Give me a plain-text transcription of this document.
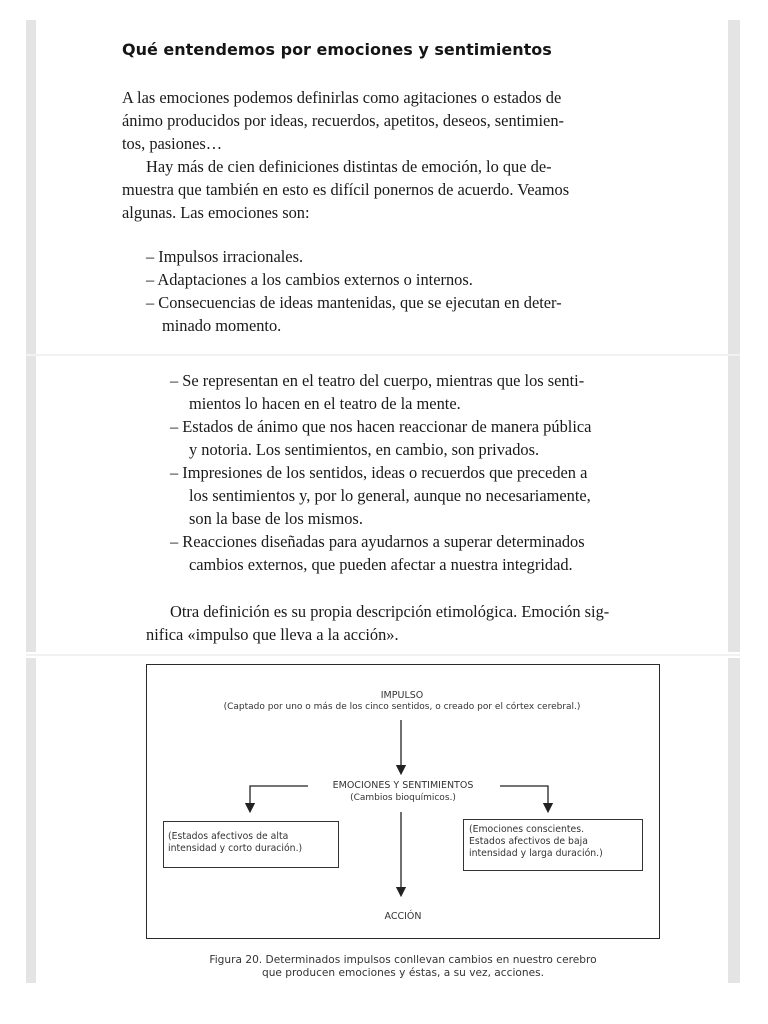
Qué entendemos por emociones y sentimientos
A las emociones podemos definirlas como agitaciones o estados de
ánimo producidos por ideas, recuerdos, apetitos, deseos, sentimien-
tos, pasiones…
Hay más de cien definiciones distintas de emoción, lo que de-
muestra que también en esto es difícil ponernos de acuerdo. Veamos
algunas. Las emociones son:
– Impulsos irracionales.
– Adaptaciones a los cambios externos o internos.
– Consecuencias de ideas mantenidas, que se ejecutan en deter-
minado momento.
– Se representan en el teatro del cuerpo, mientras que los senti-
mientos lo hacen en el teatro de la mente.
– Estados de ánimo que nos hacen reaccionar de manera pública
y notoria. Los sentimientos, en cambio, son privados.
– Impresiones de los sentidos, ideas o recuerdos que preceden a
los sentimientos y, por lo general, aunque no necesariamente,
son la base de los mismos.
– Reacciones diseñadas para ayudarnos a superar determinados
cambios externos, que pueden afectar a nuestra integridad.
Otra definición es su propia descripción etimológica. Emoción sig-
nifica «impulso que lleva a la acción».
IMPULSO
(Captado por uno o más de los cinco sentidos, o creado por el córtex cerebral.)
EMOCIONES Y SENTIMIENTOS
(Cambios bioquímicos.)
(Estados afectivos de alta
intensidad y corto duración.)
(Emociones conscientes.
Estados afectivos de baja
intensidad y larga duración.)
ACCIÓN
Figura 20. Determinados impulsos conllevan cambios en nuestro cerebro
que producen emociones y éstas, a su vez, acciones.
